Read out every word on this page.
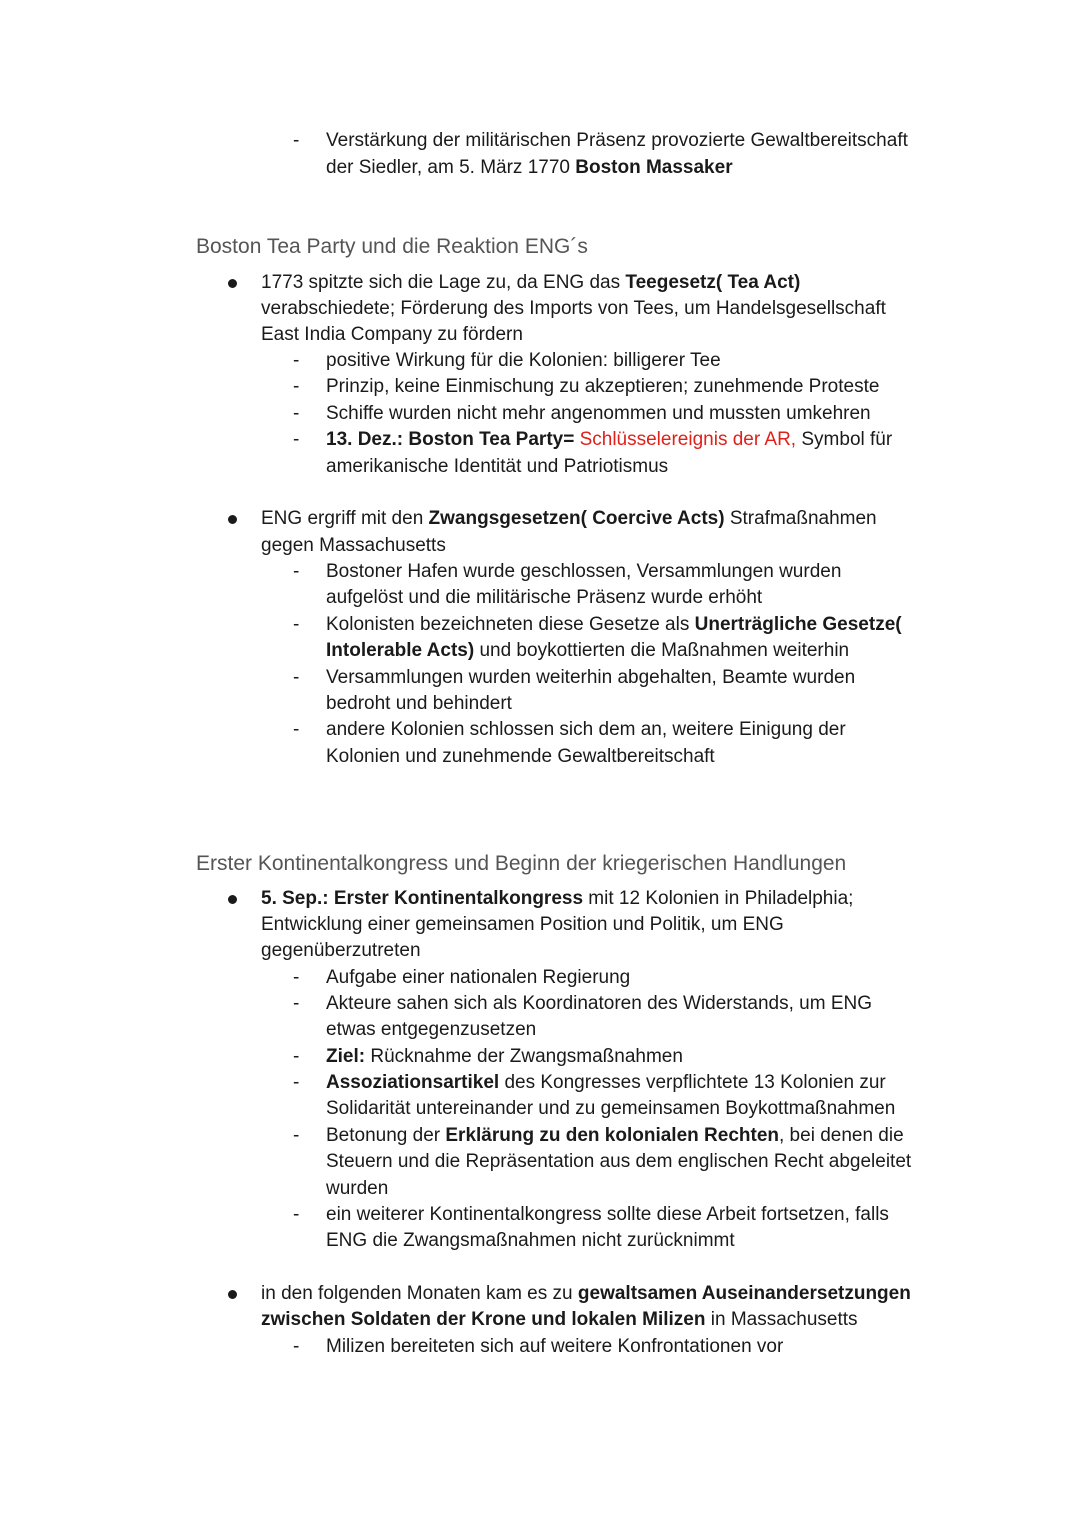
- Verstärkung der militärischen Präsenz provozierte Gewaltbereitschaft
der Siedler, am 5. März 1770 Boston Massaker
Boston Tea Party und die Reaktion ENG´s
1773 spitzte sich die Lage zu, da ENG das Teegesetz( Tea Act)
verabschiedete; Förderung des Imports von Tees, um Handelsgesellschaft
East India Company zu fördern
- positive Wirkung für die Kolonien: billigerer Tee
- Prinzip, keine Einmischung zu akzeptieren; zunehmende Proteste
- Schiffe wurden nicht mehr angenommen und mussten umkehren
- 13. Dez.: Boston Tea Party= Schlüsselereignis der AR, Symbol für
amerikanische Identität und Patriotismus
ENG ergriff mit den Zwangsgesetzen( Coercive Acts) Strafmaßnahmen
gegen Massachusetts
- Bostoner Hafen wurde geschlossen, Versammlungen wurden
aufgelöst und die militärische Präsenz wurde erhöht
- Kolonisten bezeichneten diese Gesetze als Unerträgliche Gesetze(
Intolerable Acts) und boykottierten die Maßnahmen weiterhin
- Versammlungen wurden weiterhin abgehalten, Beamte wurden
bedroht und behindert
- andere Kolonien schlossen sich dem an, weitere Einigung der
Kolonien und zunehmende Gewaltbereitschaft
Erster Kontinentalkongress und Beginn der kriegerischen Handlungen
5. Sep.: Erster Kontinentalkongress mit 12 Kolonien in Philadelphia;
Entwicklung einer gemeinsamen Position und Politik, um ENG
gegenüberzutreten
- Aufgabe einer nationalen Regierung
- Akteure sahen sich als Koordinatoren des Widerstands, um ENG
etwas entgegenzusetzen
- Ziel: Rücknahme der Zwangsmaßnahmen
- Assoziationsartikel des Kongresses verpflichtete 13 Kolonien zur
Solidarität untereinander und zu gemeinsamen Boykottmaßnahmen
- Betonung der Erklärung zu den kolonialen Rechten, bei denen die
Steuern und die Repräsentation aus dem englischen Recht abgeleitet
wurden
- ein weiterer Kontinentalkongress sollte diese Arbeit fortsetzen, falls
ENG die Zwangsmaßnahmen nicht zurücknimmt
in den folgenden Monaten kam es zu gewaltsamen Auseinandersetzungen
zwischen Soldaten der Krone und lokalen Milizen in Massachusetts
- Milizen bereiteten sich auf weitere Konfrontationen vor
